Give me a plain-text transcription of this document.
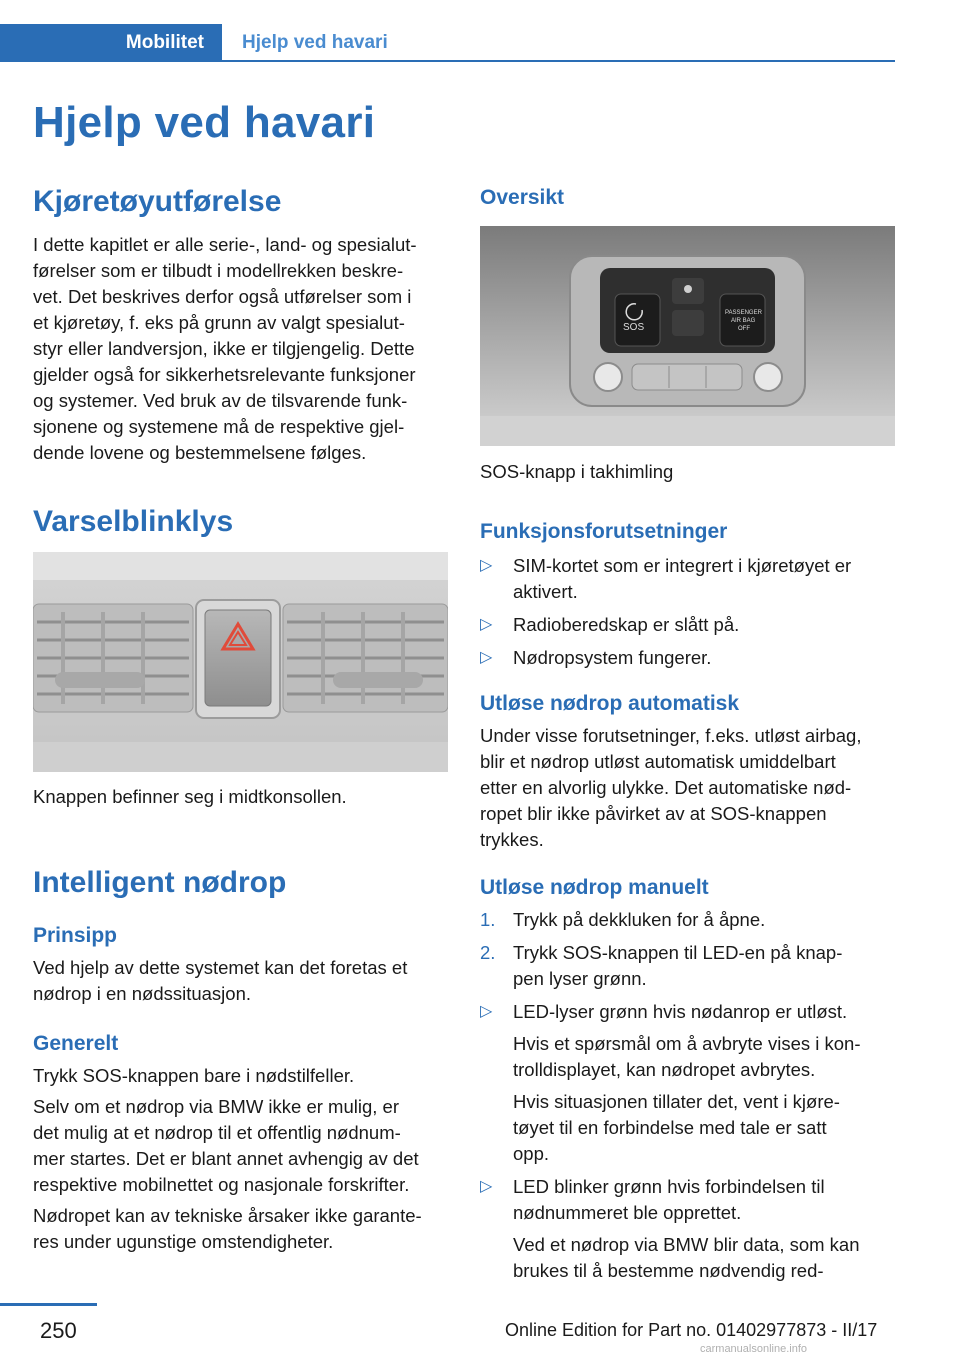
Mobilitet Hjelp ved havari
Hjelp ved havari
Kjøretøyutførelse
I dette kapitlet er alle serie-, land- og spesialut‐
førelser som er tilbudt i modellrekken beskre‐
vet. Det beskrives derfor også utførelser som i
et kjøretøy, f. eks på grunn av valgt spesialut‐
styr eller landversjon, ikke er tilgjengelig. Dette
gjelder også for sikkerhetsrelevante funksjoner
og systemer. Ved bruk av de tilsvarende funk‐
sjonene og systemene må de respektive gjel‐
dende lovene og bestemmelsene følges.
Varselblinklys
Knappen befinner seg i midtkonsollen.
Intelligent nødrop
Prinsipp
Ved hjelp av dette systemet kan det foretas et
nødrop i en nødssituasjon.
Generelt
Trykk SOS-knappen bare i nødstilfeller.
Selv om et nødrop via BMW ikke er mulig, er
det mulig at et nødrop til et offentlig nødnum‐
mer startes. Det er blant annet avhengig av det
respektive mobilnettet og nasjonale forskrifter.
Nødropet kan av tekniske årsaker ikke garante‐
res under ugunstige omstendigheter.
Oversikt
SOS
PASSENGER
AIR BAG
OFF
SOS-knapp i takhimling
Funksjonsforutsetninger
▷ SIM-kortet som er integrert i kjøretøyet er
aktivert.
▷ Radioberedskap er slått på.
▷ Nødropsystem fungerer.
Utløse nødrop automatisk
Under visse forutsetninger, f.eks. utløst airbag,
blir et nødrop utløst automatisk umiddelbart
etter en alvorlig ulykke. Det automatiske nød‐
ropet blir ikke påvirket av at SOS-knappen
trykkes.
Utløse nødrop manuelt
1. Trykk på dekkluken for å åpne.
2. Trykk SOS-knappen til LED-en på knap‐
pen lyser grønn.
▷ LED-lyser grønn hvis nødanrop er utløst.
Hvis et spørsmål om å avbryte vises i kon‐
trolldisplayet, kan nødropet avbrytes.
Hvis situasjonen tillater det, vent i kjøre‐
tøyet til en forbindelse med tale er satt
opp.
▷ LED blinker grønn hvis forbindelsen til
nødnummeret ble opprettet.
Ved et nødrop via BMW blir data, som kan
brukes til å bestemme nødvendig red‐
250	Online Edition for Part no. 01402977873 - II/17
carmanualsonline.info
